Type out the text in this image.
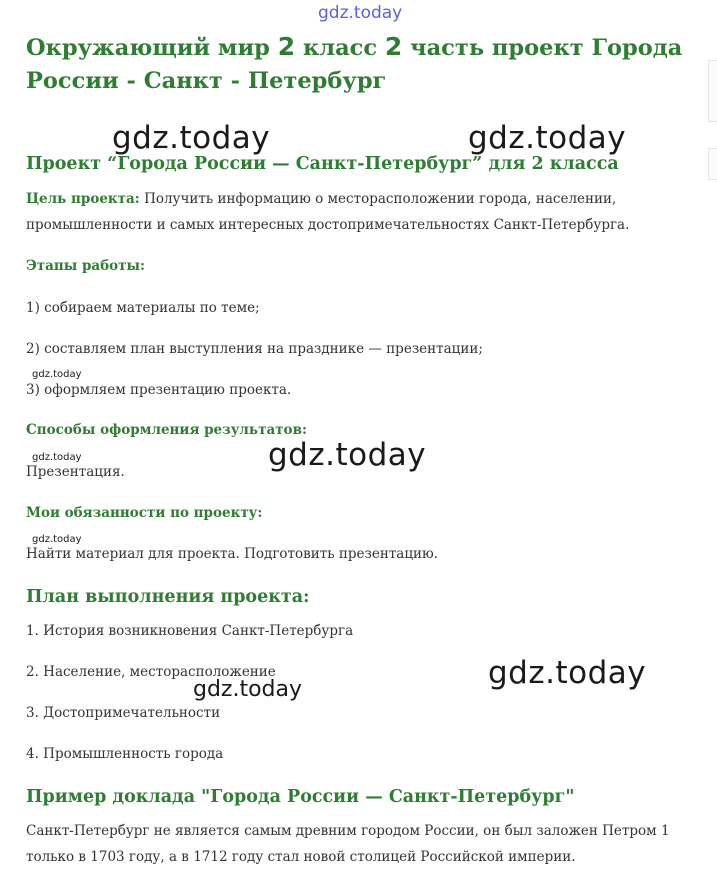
gdz.today
gdz.today	gdz.today
gdz.today
gdz.today
gdz.today
gdz.today
gdz.today
gdz.today
Окружающий мир 2 класс 2 часть проект Города России - Санкт - Петербург
Проект “Города России — Санкт-Петербург” для 2 класса
Цель проекта: Получить информацию о месторасположении города, населении,
промышленности и самых интересных достопримечательностях Санкт-Петербурга.
Этапы работы:
1) собираем материалы по теме;
2) составляем план выступления на празднике — презентации;
3) оформляем презентацию проекта.
Способы оформления результатов:
Презентация.
Мои обязанности по проекту:
Найти материал для проекта. Подготовить презентацию.
План выполнения проекта:
1. История возникновения Санкт-Петербурга
2. Население, месторасположение
3. Достопримечательности
4. Промышленность города
Пример доклада "Города России — Санкт-Петербург"
Санкт-Петербург не является самым древним городом России, он был заложен Петром 1
только в 1703 году, а в 1712 году стал новой столицей Российской империи.
